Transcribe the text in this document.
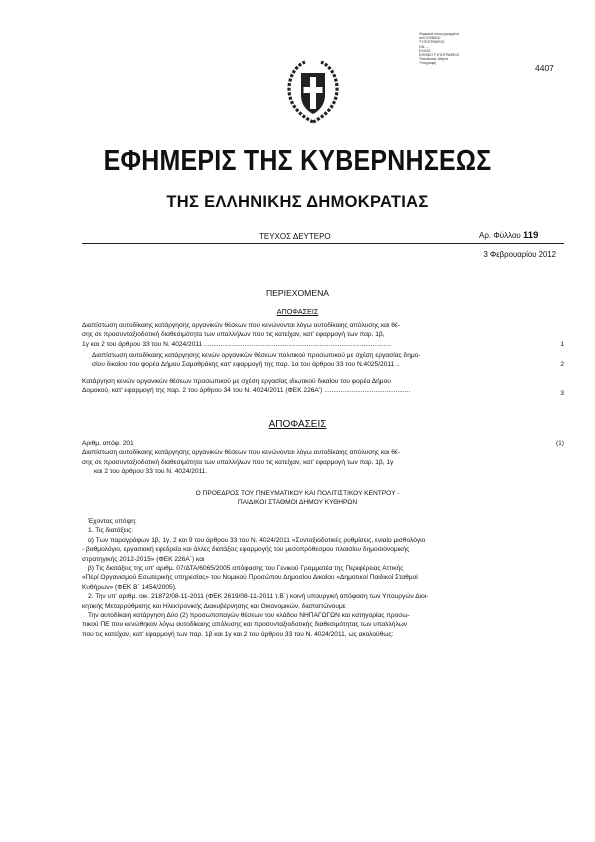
Ψηφιακά υπογεγραμμένο
από ΕΘΝΙΚΟ
ΤΥΠΟΓΡΑΦΕΙΟ
DN: ...
ΕΛΛΑΣ
ΕΘΝΙΚΟ ΤΥΠΟΓΡΑΦΕΙΟ
Τοποθεσία: Αθήνα
Υπογραφή	4407
ΕΦΗΜΕΡΙΣ ΤΗΣ ΚΥΒΕΡΝΗΣΕΩΣ
ΤΗΣ ΕΛΛΗΝΙΚΗΣ ΔΗΜΟΚΡΑΤΙΑΣ
ΤΕΥΧΟΣ ΔΕΥΤΕΡΟ	Αρ. Φύλλου 119
3 Φεβρουαρίου 2012
ΠΕΡΙΕΧΟΜΕΝΑ
ΑΠΟΦΑΣΕΙΣ
Διαπίστωση αυτοδίκαιης κατάργησης οργανικών θέσεων που κενώνονται λόγω αυτοδίκαιης απόλυσης και θέ-
σης σε προσυνταξιοδοτική διαθεσιμότητα των υπαλλήλων που τις κατείχαν, κατ' εφαρμογή των παρ. 1β,
1γ και 2 του άρθρου 33 του Ν. 4024/2011 ......................................................................................................	1
Διαπίστωση αυτοδίκαιης κατάργησης κενών οργανικών θέσεων πολιτικού προσωπικού με σχέση εργασίας δημο-
σίου δικαίου του φορέα Δήμου Σαμοθράκης κατ' εφαρμογή της παρ. 1α του άρθρου 33 του Ν.4025/2011 ..	2
Κατάργηση κενών οργανικών θέσεων προσωπικού με σχέση εργασίας ιδιωτικού δικαίου του φορέα Δήμου
Δομοκού, κατ' εφαρμογή της παρ. 2 του άρθρου 34 του Ν. 4024/2011 (ΦΕΚ 226Α') ...............................................	3
ΑΠΟΦΑΣΕΙΣ
Αριθμ. απόφ. 201	(1)
Διαπίστωση αυτοδίκαιης κατάργησης οργανικών θέσεων που κενώνονται λόγω αυτοδίκαιης απόλυσης και θέ-
σης σε προσυνταξιοδοτική διαθεσιμότητα των υπαλλήλων που τις κατείχαν, κατ' εφαρμογή των παρ. 1β, 1γ
και 2 του άρθρου 33 του Ν. 4024/2011.
Ο ΠΡΟΕΔΡΟΣ ΤΟΥ ΠΝΕΥΜΑΤΙΚΟΥ ΚΑΙ ΠΟΛΙΤΙΣΤΙΚΟΥ ΚΕΝΤΡΟΥ -
ΠΑΙΔΙΚΟΙ ΣΤΑΘΜΟΙ ΔΗΜΟΥ ΚΥΘΗΡΩΝ
Έχοντας υπόψη:
1. Τις διατάξεις:
α) Των παραγράφων 1β, 1γ, 2 και 9 του άρθρου 33 του Ν. 4024/2011 «Συνταξιοδοτικές ρυθμίσεις, ενιαίο μισθολόγιο
- βαθμολόγιο, εργασιακή εφεδρεία και άλλες διατάξεις εφαρμογής του μεσοπρόθεσμου πλαισίου δημοσιονομικής
στρατηγικής 2012-2015» (ΦΕΚ 226Α΄) και
β) Τις διατάξεις της υπ' αριθμ. 07/ΔΤΑ/6065/2005 απόφασης του Γενικού Γραμματέα της Περιφέρειας Αττικής
«Περί Οργανισμού Εσωτερικής υπηρεσίας» του Νομικού Προσώπου Δημοσίου Δικαίου «Δημοτικοί Παιδικοί Σταθμοί
Κυθήρων» (ΦΕΚ Β΄ 1454/2005).
2. Την υπ' αριθμ. οικ. 21872/08-11-2011 (ΦΕΚ 2619/08-11-2011 τ.Β΄) κοινή υπουργική απόφαση των Υπουργών Διοι-
κητικής Μεταρρύθμισης και Ηλεκτρονικής Διακυβέρνησης και Οικονομικών, διαπιστώνουμε
Την αυτοδίκαιη κατάργηση Δύο (2) προσωποπαγών θέσεων του κλάδου ΝΗΠΑΓΩΓΩΝ και κατηγορίας προσω-
πικού ΠΕ που κενώθηκαν λόγω αυτοδίκαιης απόλυσης και προσυνταξιοδοτικής διαθεσιμότητας των υπαλλήλων
που τις κατείχαν, κατ' εφαρμογή των παρ. 1β και 1γ και 2 του άρθρου 33 του Ν. 4024/2011, ως ακολούθως:
